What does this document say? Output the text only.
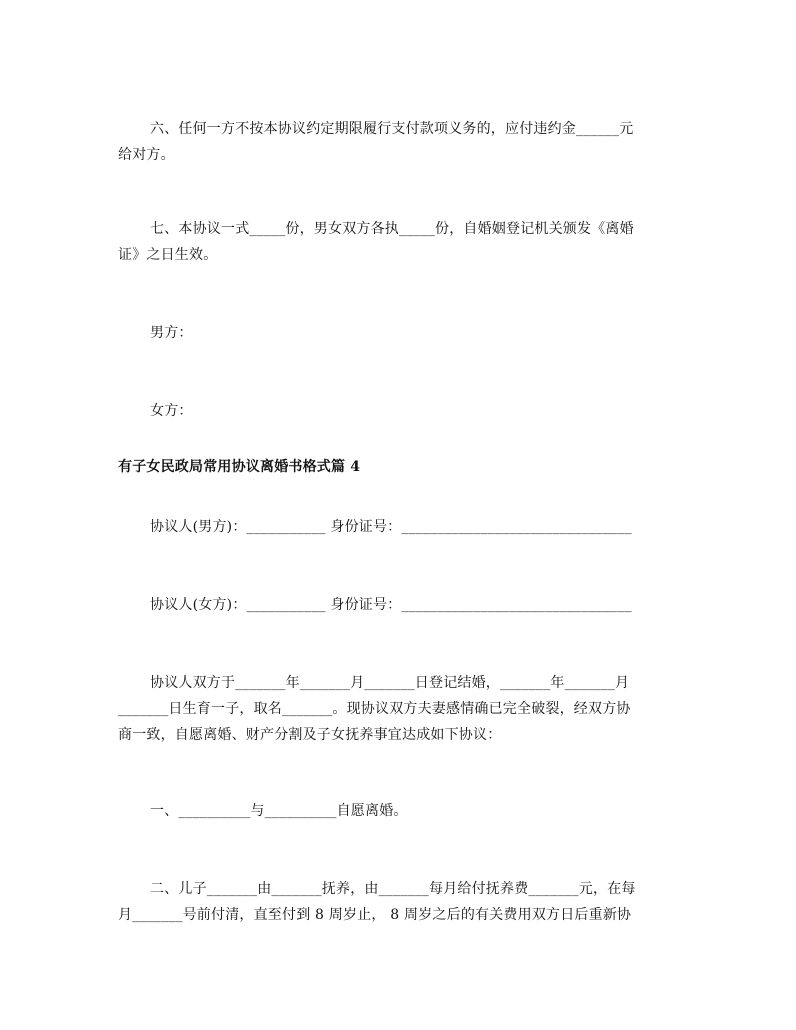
六、任何一方不按本协议约定期限履行支付款项义务的，应付违约金______元
给对方。
七、本协议一式_____份，男女双方各执_____份，自婚姻登记机关颁发《离婚
证》之日生效。
男方：
女方：
有子女民政局常用协议离婚书格式篇 4
协议人(男方)：___________ 身份证号：________________________________
协议人(女方)：___________ 身份证号：________________________________
协议人双方于_______年_______月_______日登记结婚，_______年_______月
_______日生育一子，取名_______。现协议双方夫妻感情确已完全破裂，经双方协
商一致，自愿离婚、财产分割及子女抚养事宜达成如下协议：
一、__________与__________自愿离婚。
二、儿子_______由_______抚养，由_______每月给付抚养费_______元，在每
月_______号前付清，直至付到 8 周岁止， 8 周岁之后的有关费用双方日后重新协
